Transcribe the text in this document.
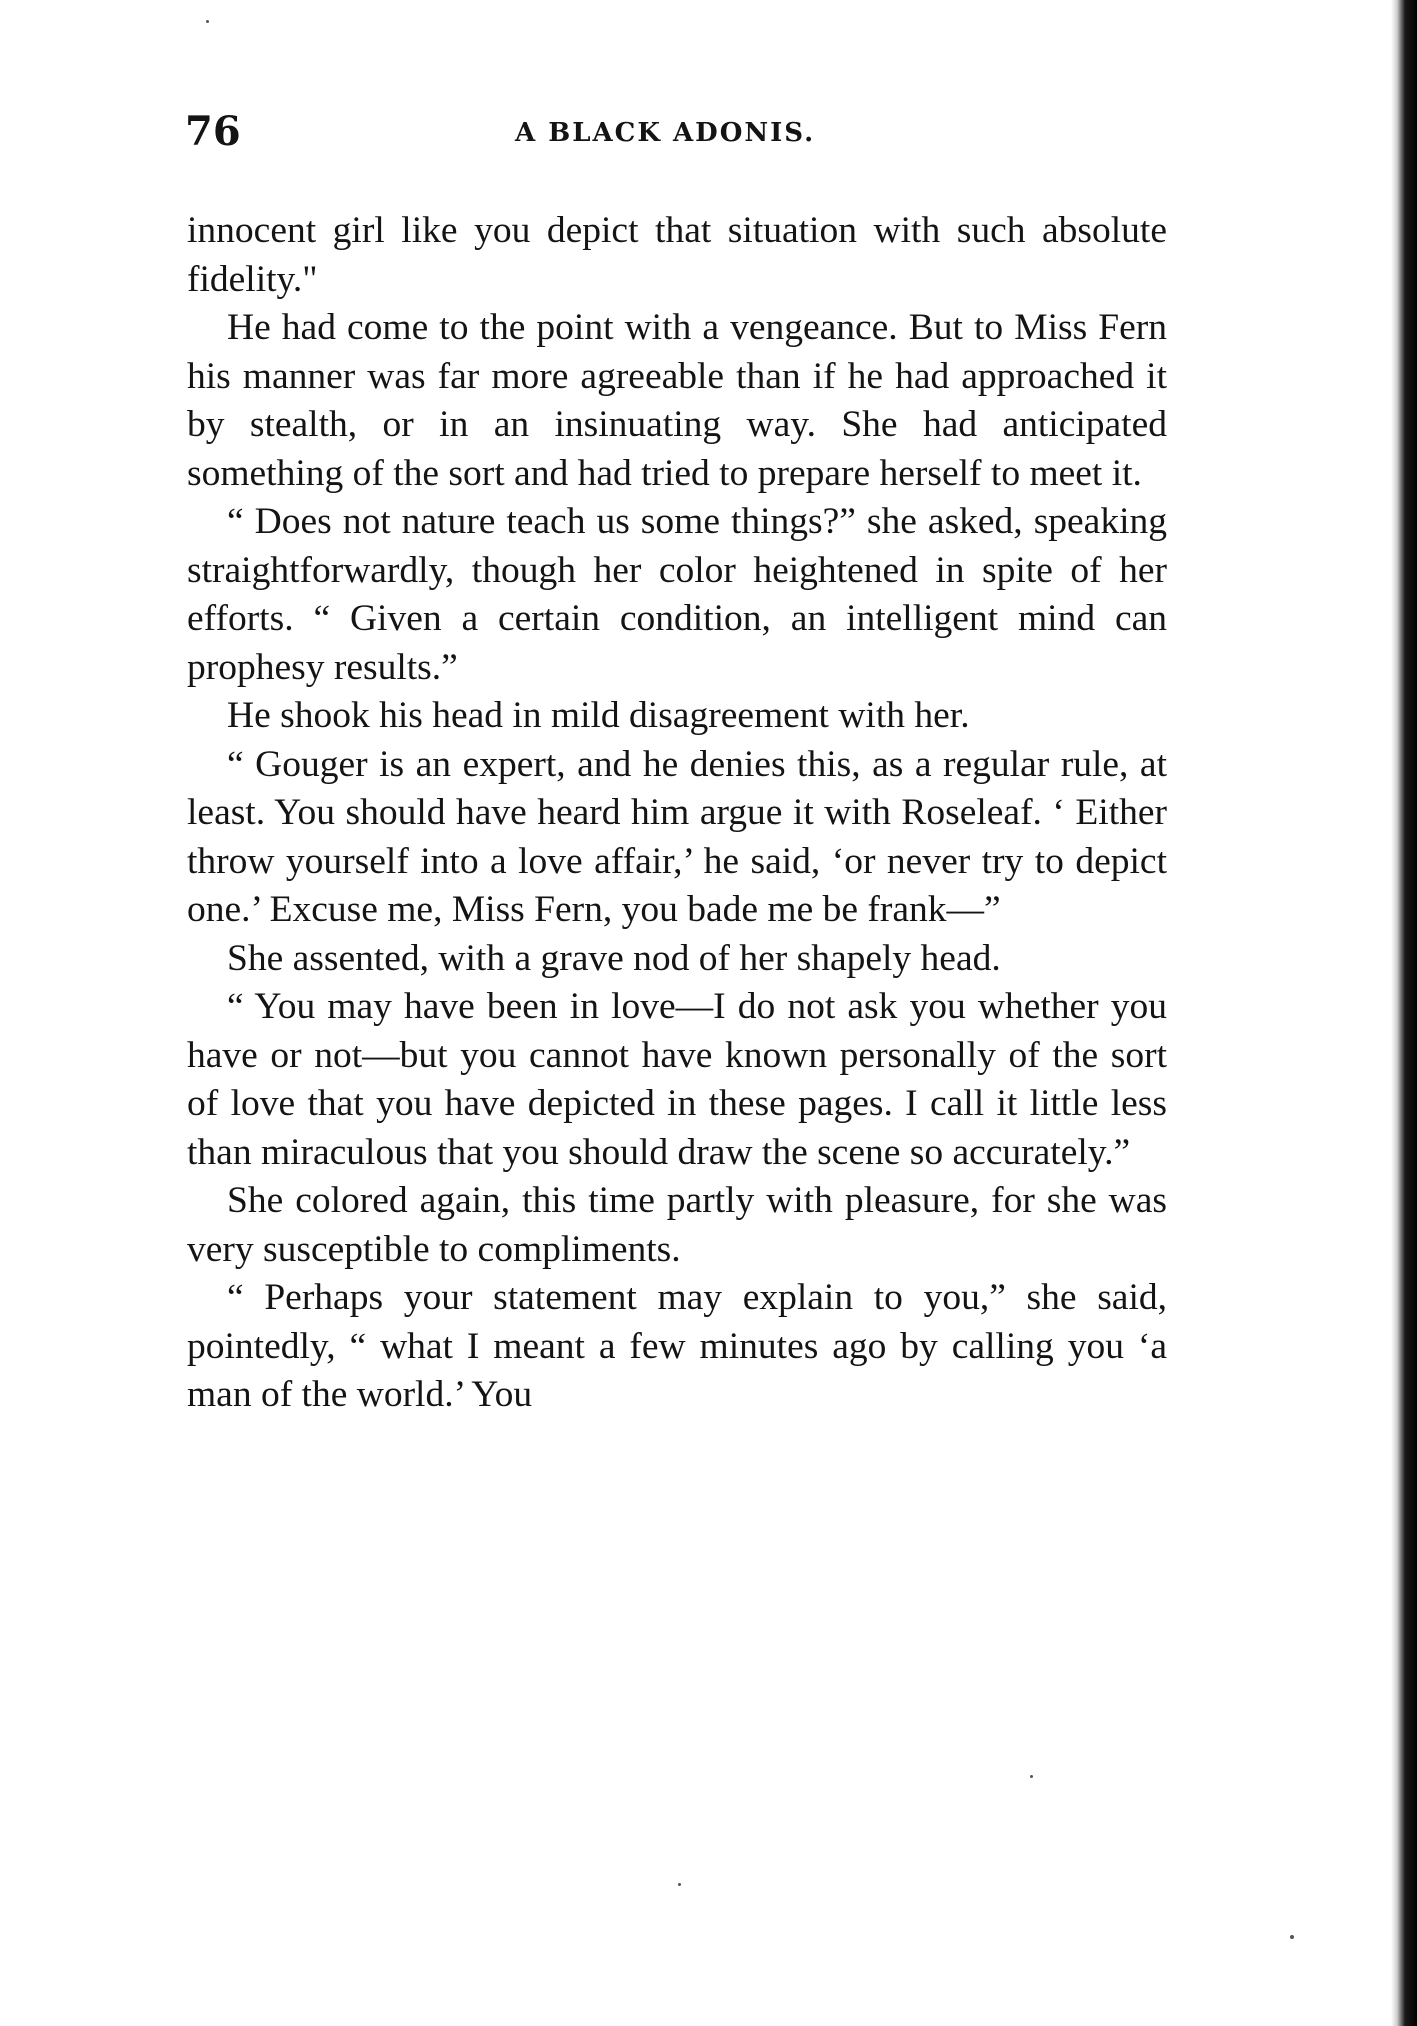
76	A BLACK ADONIS.

innocent girl like you depict that situation with such absolute fidelity."

He had come to the point with a vengeance. But to Miss Fern his manner was far more agreeable than if he had approached it by stealth, or in an insinuating way. She had anticipated something of the sort and had tried to prepare herself to meet it.

“ Does not nature teach us some things?” she asked, speaking straightforwardly, though her color heightened in spite of her efforts. “ Given a certain condition, an intelligent mind can prophesy results.”

He shook his head in mild disagreement with her.

“ Gouger is an expert, and he denies this, as a regular rule, at least. You should have heard him argue it with Roseleaf. ‘ Either throw yourself into a love affair,’ he said, ‘or never try to depict one.’ Excuse me, Miss Fern, you bade me be frank—”

She assented, with a grave nod of her shapely head.

“ You may have been in love—I do not ask you whether you have or not—but you cannot have known personally of the sort of love that you have depicted in these pages. I call it little less than miraculous that you should draw the scene so accurately.”

She colored again, this time partly with pleasure, for she was very susceptible to compliments.

“ Perhaps your statement may explain to you,” she said, pointedly, “ what I meant a few minutes ago by calling you ‘a man of the world.’ You
